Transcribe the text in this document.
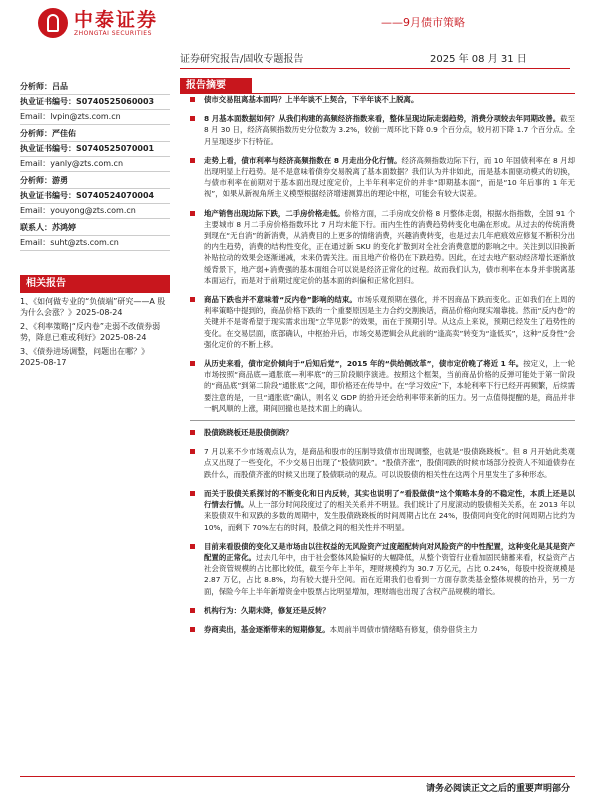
中泰证券
ZHONGTAI SECURITIES
——9月债市策略
证券研究报告/固收专题报告	2025 年 08 月 31 日
分析师：吕品
执业证书编号：S0740525060003
Email：lvpin@zts.com.cn
分析师：严佳佑
执业证书编号：S0740525070001
Email：yanly@zts.com.cn
分析师：游勇
执业证书编号：S0740524070004
Email：youyong@zts.com.cn
联系人：苏鸿婷
Email：suht@zts.com.cn
相关报告
1、《如何做专业的“负债端”研究——A 股为什么会涨？》2025-08-24
2、《利率策略|“反内卷”走弱不改债券弱势，降息已难或利好》2025-08-24
3、《债券进场调整，问题出在哪？》2025-08-17
报告摘要
债市交易阻离基本面吗？上半年谈不上契合，下半年谈不上脱离。
8 月基本面数据如何？从我们构建的高频经济指数来看，整体呈现边际走弱趋势，消费分项较去年同期改善。截至 8 月 30 日，经济高频指数历史分位数为 3.2%，较前一周环比下降 0.9 个百分点，较月初下降 1.7 个百分点。全月呈现逐步下行特征。
走势上看，债市利率与经济高频指数在 8 月走出分化行情。经济高频指数边际下行，而 10 年国债利率在 8 月却出现明显上行趋势。是不是意味着债券交易脱离了基本面数据？我们认为并非如此，而是基本面驱动模式的切换，与债市利率在前期对于基本面出现过度定价，上半年利率定价的并非“即期基本面”，而是“10 年后事的 1 年无视”，如果从新视角所主义模型根据经济增速测算出的理论中枢，可能会有较大误差。
地产销售出现边际下跌，二手房价格走低。价格方面，二手房成交价格 8 月整体走弱，根据水指指数，全国 91 个主要城市 8 月二手房价格指数环比 7 月均未能下行。而内生性的消费趋势转变化电确在形成。从过去的传统消费到现在“无自消”的新消费，从消费目的上更多的情绪消费，兴趣消费转变，也是过去几年疤痕效应修复不断积分出的内生趋势，消费的结构性变化，正在通过新 SKU 的变化扩散到对全社会消费意愿的影响之中。关注到以旧换新补贴拉动的效果会逐渐递减，未来仍需关注。而且地产价格仍在下跌趋势。因此，在过去地产驱动经济增长逐渐放缓背景下，地产弱+消费强的基本面组合可以说是经济正常化的过程。故而我们认为，债市利率在本身并非脱离基本面运行，而是对于前期过度定价的基本面的纠偏和正常化回归。
商品下跌也并不意味着“反内卷”影响的结束。市场乐观预期在强化，并不因商品下跌而变化。正如我们在上周的利率策略中提到的，商品价格下跌的一个重要原因是主力合约交割换话，商品价格向现实端靠拢。然而“反内卷”的关键并不是寄希望于现实需求出现“立竿见影”的效果，而在于预期引导。从这点上来说，预期已经发生了趋势性的变化。在交易层面，底部确认，中枢抬升后，市场交易逻辑会从此前的“逢高卖”转变为“逢低买”，这种“反身性”会强化定价的不断上移。
从历史来看，债市定价倾向于“后知后觉”，2015 年的“供给侧改革”，债市定价晚了将近 1 年。按定义，上一轮市场按照“商品底—通胀底—利率底”的三阶段顺序演进。按照这个框架，当前商品价格的反弹可能处于第一阶段的“商品底”到第二阶段“通胀底”之间，即价格还在传导中。在“学习效应”下，本轮利率下行已经开再频繁，后续需要注意的是，一旦“通胀底”确认，则名义 GDP 的拾升还会给利率带来新的压力。另一点值得提醒的是，商品并非一帆风顺的上涨，期间回撤也是技术面上的确认。
股债跷跷板还是股债倒跷？
7 月以来不少市场观点认为，是商品和股市的压制导致债市出现调整，也就是“股债跷跷板”。但 8 月开始此类观点又出现了一些变化，不少交易日出现了“股债同跌”。“股债齐涨”，股债同跌的时候市场部分投资人不知道债券在跌什么，而股债齐涨的时候又出现了股债联动的观点。可以说股债的相关性在这两个月里发生了多种形态。
而关于股债关系探讨的不断变化和日内反转，其实也说明了“看股做债”这个策略本身的不稳定性，本质上还是以行情去行情。从上一部分时间段度过了的相关关系并不明显。我们统计了月度滚动的股债相关关系，在 2013 年以来股债双牛和双跌的多数的周期中，发生股债跷跷板的时间周期占比在 24%，股债同向变化的时间周期占比约为 10%，而剩下 70%左右的时间，股债之间的相关性并不明显。
目前来看股债的变化又是市场由以往权益的无风险资产过度超配转向对风险资产的中性配置，这种变化是其是资产配置的正常化。过去几年中，由于社会整体风险偏好的大幅降低，从整个资管行业看加固民储蓄来看，权益资产占社会资管规模的占比都比较低，截至今年上半年，理财规模约为 30.7 万亿元，占比 0.24%，每股中投资规模是 2.87 万亿，占比 8.8%，均有较大提升空间。而在近期我们也看到一方面存款类基金整体规模的抬升，另一方面，保险今年上半年新增资金中股票占比明显增加，理财端也出现了含权产品规模的增长。
机构行为：久期未降，修复还是反转？
券商卖出，基金逐渐带来的短期修复。本周前半周债市情绪略有修复，债券借贷主力
请务必阅读正文之后的重要声明部分
